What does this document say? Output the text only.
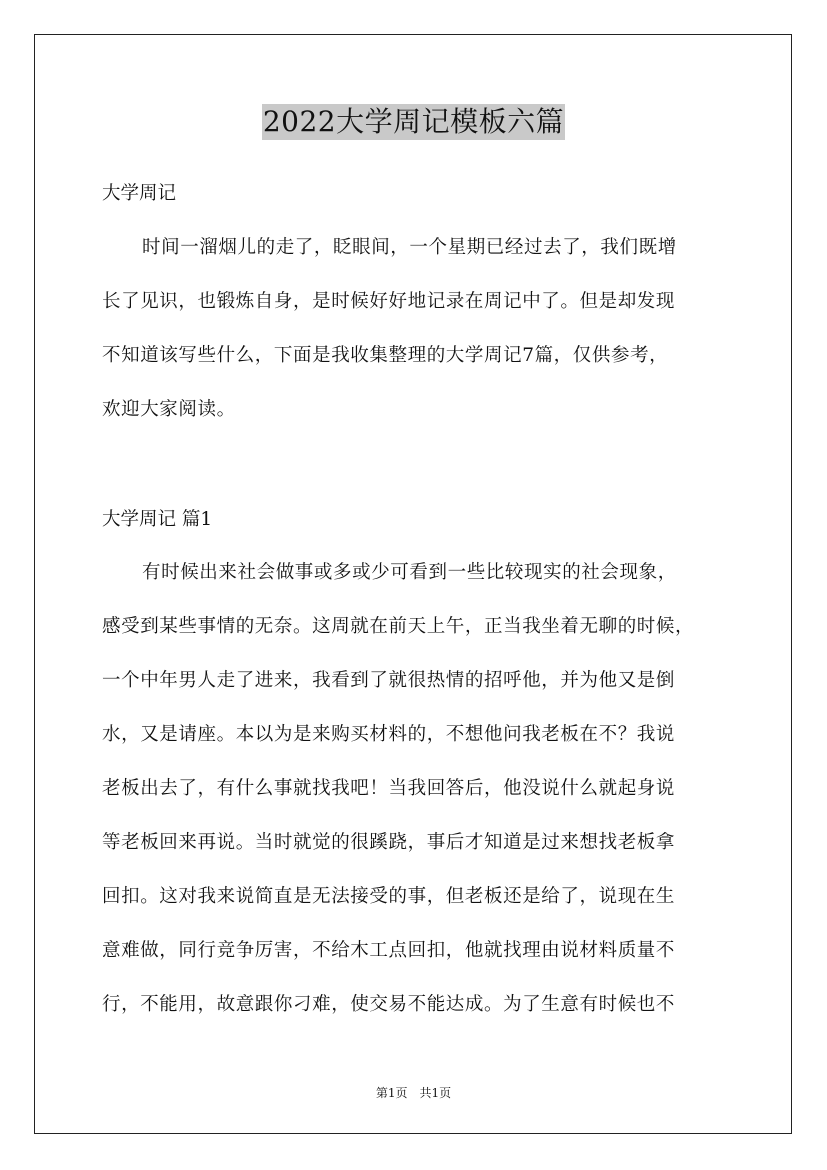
2022大学周记模板六篇
大学周记
时间一溜烟儿的走了，眨眼间，一个星期已经过去了，我们既增
长了见识，也锻炼自身，是时候好好地记录在周记中了。但是却发现
不知道该写些什么，下面是我收集整理的大学周记7篇，仅供参考，
欢迎大家阅读。
大学周记 篇1
有时候出来社会做事或多或少可看到一些比较现实的社会现象，
感受到某些事情的无奈。这周就在前天上午，正当我坐着无聊的时候，
一个中年男人走了进来，我看到了就很热情的招呼他，并为他又是倒
水，又是请座。本以为是来购买材料的，不想他问我老板在不？我说
老板出去了，有什么事就找我吧！当我回答后，他没说什么就起身说
等老板回来再说。当时就觉的很蹊跷，事后才知道是过来想找老板拿
回扣。这对我来说简直是无法接受的事，但老板还是给了，说现在生
意难做，同行竞争厉害，不给木工点回扣，他就找理由说材料质量不
行，不能用，故意跟你刁难，使交易不能达成。为了生意有时候也不
第1页　共1页
